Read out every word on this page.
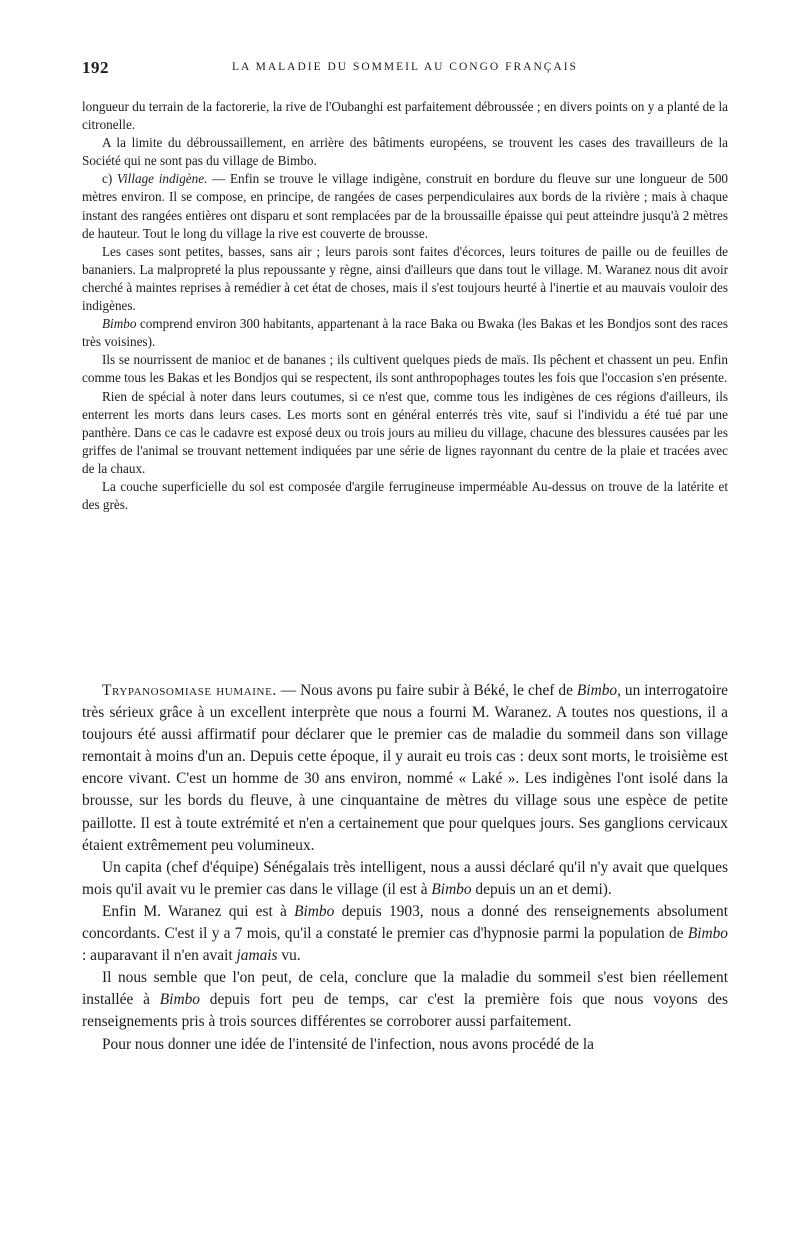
192	LA MALADIE DU SOMMEIL AU CONGO FRANÇAIS

longueur du terrain de la factorerie, la rive de l'Oubanghi est parfaitement débroussée ; en divers points on y a planté de la citronelle.

A la limite du débroussaillement, en arrière des bâtiments européens, se trouvent les cases des travailleurs de la Société qui ne sont pas du village de Bimbo.

c) Village indigène. — Enfin se trouve le village indigène, construit en bordure du fleuve sur une longueur de 500 mètres environ. Il se compose, en principe, de rangées de cases perpendiculaires aux bords de la rivière ; mais à chaque instant des rangées entières ont disparu et sont remplacées par de la broussaille épaisse qui peut atteindre jusqu'à 2 mètres de hauteur. Tout le long du village la rive est couverte de brousse.

Les cases sont petites, basses, sans air ; leurs parois sont faites d'écorces, leurs toitures de paille ou de feuilles de bananiers. La malpropreté la plus repoussante y règne, ainsi d'ailleurs que dans tout le village. M. Waranez nous dit avoir cherché à maintes reprises à remédier à cet état de choses, mais il s'est toujours heurté à l'inertie et au mauvais vouloir des indigènes.

Bimbo comprend environ 300 habitants, appartenant à la race Baka ou Bwaka (les Bakas et les Bondjos sont des races très voisines).

Ils se nourrissent de manioc et de bananes ; ils cultivent quelques pieds de maïs. Ils pêchent et chassent un peu. Enfin comme tous les Bakas et les Bondjos qui se respectent, ils sont anthropophages toutes les fois que l'occasion s'en présente.

Rien de spécial à noter dans leurs coutumes, si ce n'est que, comme tous les indigènes de ces régions d'ailleurs, ils enterrent les morts dans leurs cases. Les morts sont en général enterrés très vite, sauf si l'individu a été tué par une panthère. Dans ce cas le cadavre est exposé deux ou trois jours au milieu du village, chacune des blessures causées par les griffes de l'animal se trouvant nettement indiquées par une série de lignes rayonnant du centre de la plaie et tracées avec de la chaux.

La couche superficielle du sol est composée d'argile ferrugineuse imperméable Au-dessus on trouve de la latérite et des grès.

Trypanosomiase humaine. — Nous avons pu faire subir à Béké, le chef de Bimbo, un interrogatoire très sérieux grâce à un excellent interprète que nous a fourni M. Waranez. A toutes nos questions, il a toujours été aussi affirmatif pour déclarer que le premier cas de maladie du sommeil dans son village remontait à moins d'un an. Depuis cette époque, il y aurait eu trois cas : deux sont morts, le troisième est encore vivant. C'est un homme de 30 ans environ, nommé « Laké ». Les indigènes l'ont isolé dans la brousse, sur les bords du fleuve, à une cinquantaine de mètres du village sous une espèce de petite paillotte. Il est à toute extrémité et n'en a certainement que pour quelques jours. Ses ganglions cervicaux étaient extrêmement peu volumineux.

Un capita (chef d'équipe) Sénégalais très intelligent, nous a aussi déclaré qu'il n'y avait que quelques mois qu'il avait vu le premier cas dans le village (il est à Bimbo depuis un an et demi).

Enfin M. Waranez qui est à Bimbo depuis 1903, nous a donné des renseignements absolument concordants. C'est il y a 7 mois, qu'il a constaté le premier cas d'hypnosie parmi la population de Bimbo : auparavant il n'en avait jamais vu.

Il nous semble que l'on peut, de cela, conclure que la maladie du sommeil s'est bien réellement installée à Bimbo depuis fort peu de temps, car c'est la première fois que nous voyons des renseignements pris à trois sources différentes se corroborer aussi parfaitement.

Pour nous donner une idée de l'intensité de l'infection, nous avons procédé de la
